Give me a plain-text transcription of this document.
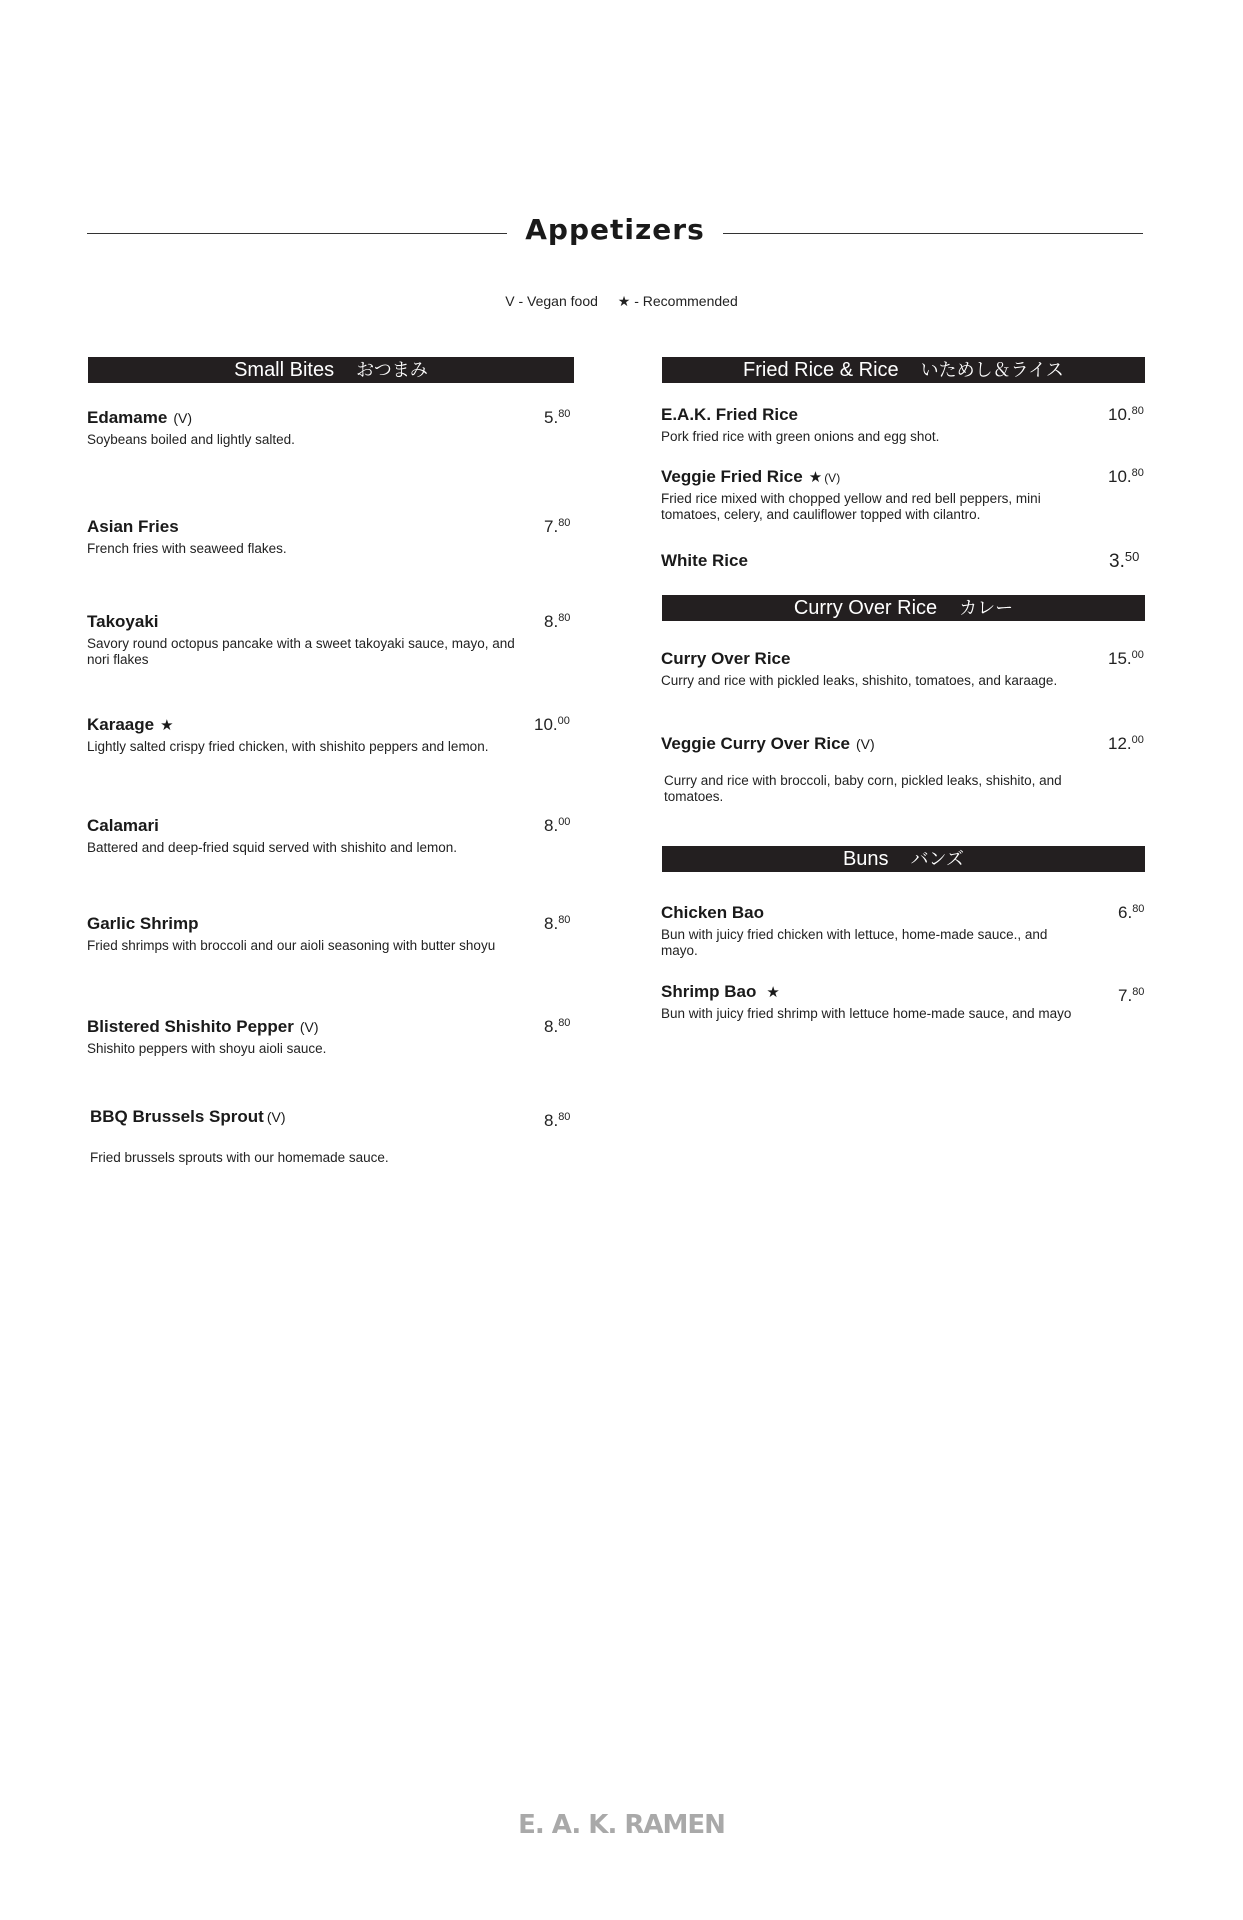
Appetizers
V - Vegan food ★ - Recommended
Small Bites おつまみ
Edamame (V)
Soybeans boiled and lightly salted.
5.80
Asian Fries
French fries with seaweed flakes.
7.80
Takoyaki
Savory round octopus pancake with a sweet takoyaki sauce, mayo, and nori flakes
8.80
Karaage ★
Lightly salted crispy fried chicken, with shishito peppers and lemon.
10.00
Calamari
Battered and deep-fried squid served with shishito and lemon.
8.00
Garlic Shrimp
Fried shrimps with broccoli and our aioli seasoning with butter shoyu
8.80
Blistered Shishito Pepper (V)
Shishito peppers with shoyu aioli sauce.
8.80
BBQ Brussels Sprout (V)
Fried brussels sprouts with our homemade sauce.
8.80
Fried Rice & Rice いためし＆ライス
E.A.K. Fried Rice
Pork fried rice with green onions and egg shot.
10.80
Veggie Fried Rice ★ (V)
Fried rice mixed with chopped yellow and red bell peppers, mini tomatoes, celery, and cauliflower topped with cilantro.
10.80
White Rice	3.50
Curry Over Rice カレー
Curry Over Rice
Curry and rice with pickled leaks, shishito, tomatoes, and karaage.
15.00
Veggie Curry Over Rice (V)
Curry and rice with broccoli, baby corn, pickled leaks, shishito, and tomatoes.
12.00
Buns バンズ
Chicken Bao
Bun with juicy fried chicken with lettuce, home-made sauce., and mayo.
6.80
Shrimp Bao ★
Bun with juicy fried shrimp with lettuce home-made sauce, and mayo
7.80
E. A. K. RAMEN
